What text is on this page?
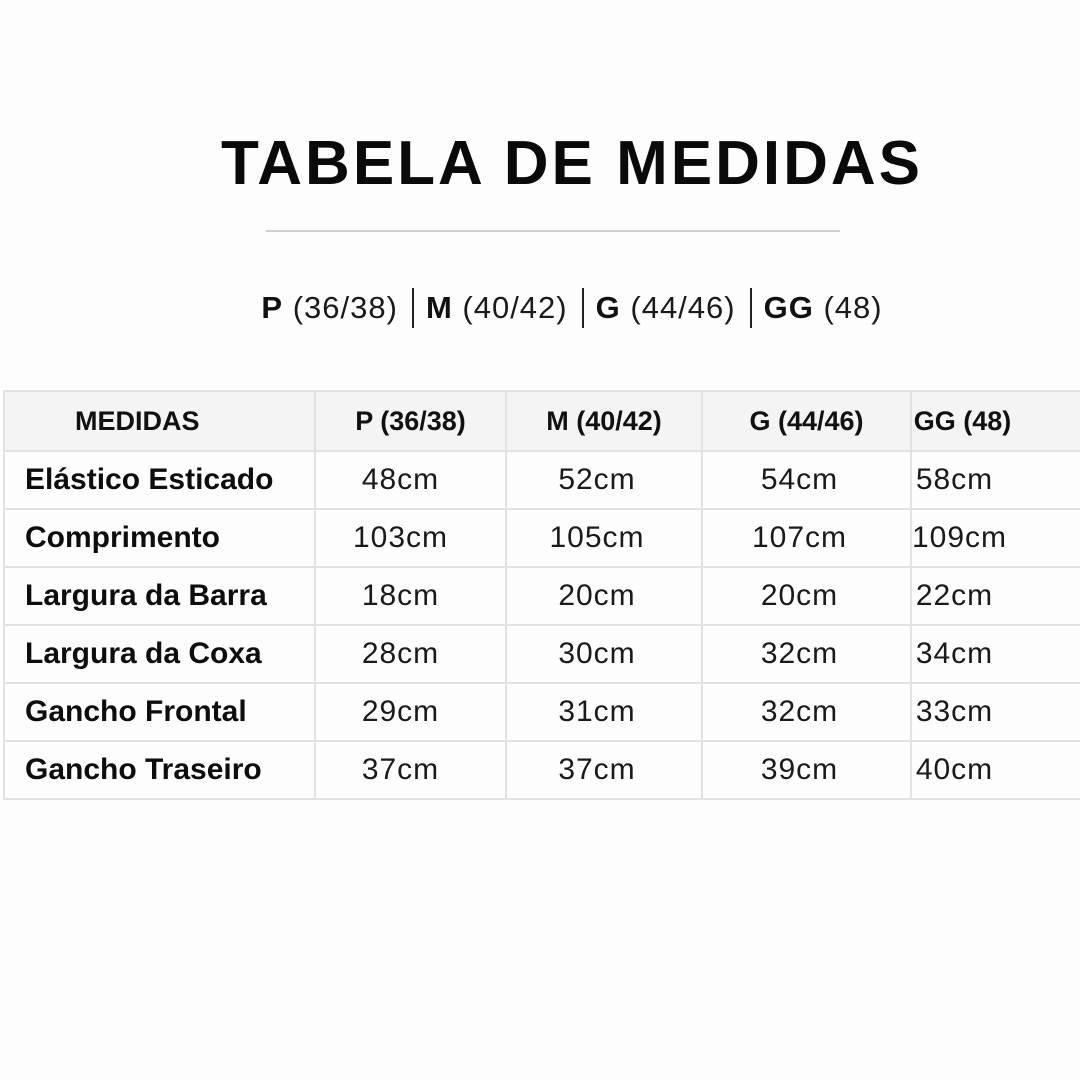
TABELA DE MEDIDAS
P (36/38) M (40/42) G (44/46) GG (48)
MEDIDAS	P (36/38)	M (40/42)	G (44/46)	GG (48)
Elástico Esticado	48cm	52cm	54cm	58cm
Comprimento	103cm	105cm	107cm	109cm
Largura da Barra	18cm	20cm	20cm	22cm
Largura da Coxa	28cm	30cm	32cm	34cm
Gancho Frontal	29cm	31cm	32cm	33cm
Gancho Traseiro	37cm	37cm	39cm	40cm
